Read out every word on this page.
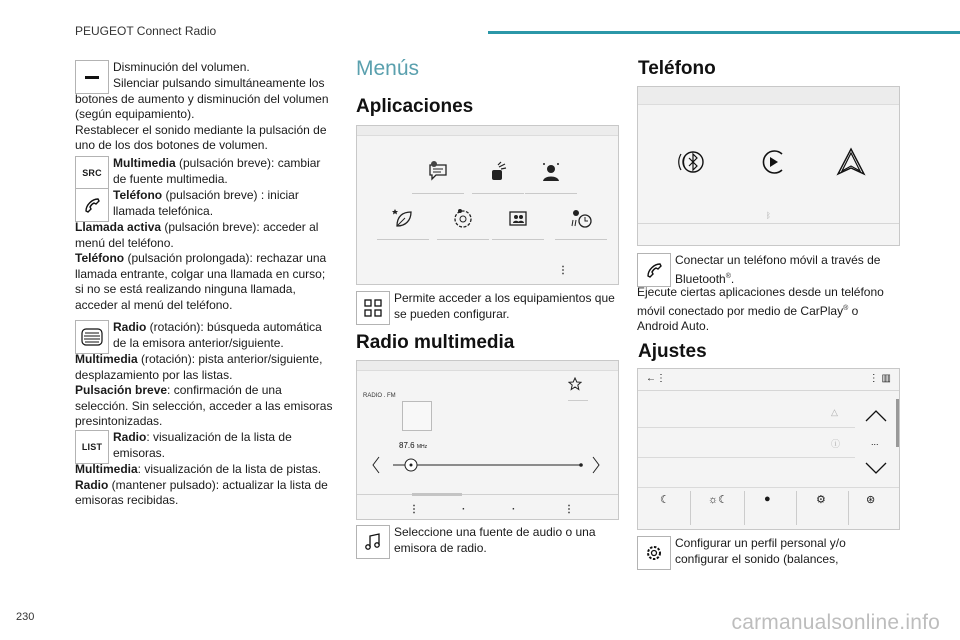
PEUGEOT Connect Radio

Disminución del volumen.

Silenciar pulsando simultáneamente los botones de aumento y disminución del volumen (según equipamiento).

Restablecer el sonido mediante la pulsación de uno de los dos botones de volumen.

SRC
Multimedia (pulsación breve): cambiar de fuente multimedia.
Teléfono (pulsación breve) : iniciar llamada telefónica.

Llamada activa (pulsación breve): acceder al menú del teléfono.

Teléfono (pulsación prolongada): rechazar una llamada entrante, colgar una llamada en curso; si no se está realizando ninguna llamada, acceder al menú del teléfono.

Radio (rotación): búsqueda automática de la emisora anterior/siguiente.

Multimedia (rotación): pista anterior/siguiente, desplazamiento por las listas.

Pulsación breve: confirmación de una selección. Sin selección, acceder a las emisoras presintonizadas.

LIST
Radio: visualización de la lista de emisoras.

Multimedia: visualización de la lista de pistas.

Radio (mantener pulsado): actualizar la lista de emisoras recibidas.

Menús
Aplicaciones
⋮
Permite acceder a los equipamientos que se pueden configurar.
Radio multimedia
RADIO . FM
87.6 MHz
⋮	·	·	⋮
Seleccione una fuente de audio o una emisora de radio.
Teléfono
ᛒ
Conectar un teléfono móvil a través de Bluetooth®.
Ejecute ciertas aplicaciones desde un teléfono móvil conectado por medio de CarPlay® o Android Auto.
Ajustes
←⋮	⋮ ▥
△
ⓘ	...
☾	☼☾	●	⚙	⊛
Configurar un perfil personal y/o configurar el sonido (balances,
230	carmanualsonline.info
